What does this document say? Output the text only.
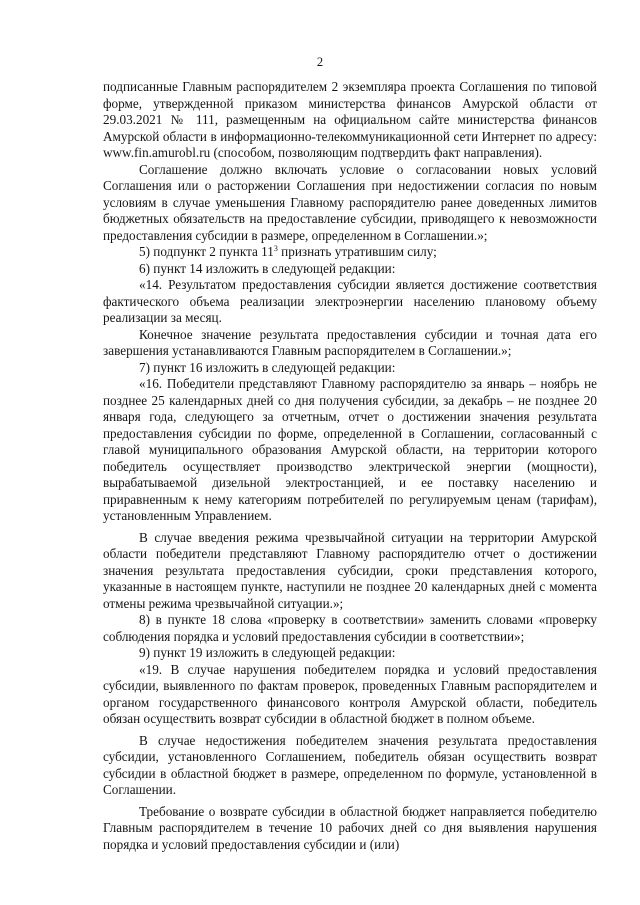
2

подписанные Главным распорядителем 2 экземпляра проекта Соглашения по типовой форме, утвержденной приказом министерства финансов Амурской области от 29.03.2021 № 111, размещенным на официальном сайте министерства финансов Амурской области в информационно-телекоммуникационной сети Интернет по адресу: www.fin.amurobl.ru (способом, позволяющим подтвердить факт направления).

Соглашение должно включать условие о согласовании новых условий Соглашения или о расторжении Соглашения при недостижении согласия по новым условиям в случае уменьшения Главному распорядителю ранее доведенных лимитов бюджетных обязательств на предоставление субсидии, приводящего к невозможности предоставления субсидии в размере, определенном в Соглашении.»;

5) подпункт 2 пункта $11^3$ признать утратившим силу;

6) пункт 14 изложить в следующей редакции:

«14. Результатом предоставления субсидии является достижение соответствия фактического объема реализации электроэнергии населению плановому объему реализации за месяц.

Конечное значение результата предоставления субсидии и точная дата его завершения устанавливаются Главным распорядителем в Соглашении.»;

7) пункт 16 изложить в следующей редакции:

«16. Победители представляют Главному распорядителю за январь – ноябрь не позднее 25 календарных дней со дня получения субсидии, за декабрь – не позднее 20 января года, следующего за отчетным, отчет о достижении значения результата предоставления субсидии по форме, определенной в Соглашении, согласованный с главой муниципального образования Амурской области, на территории которого победитель осуществляет производство электрической энергии (мощности), вырабатываемой дизельной электростанцией, и ее поставку населению и приравненным к нему категориям потребителей по регулируемым ценам (тарифам), установленным Управлением.

В случае введения режима чрезвычайной ситуации на территории Амурской области победители представляют Главному распорядителю отчет о достижении значения результата предоставления субсидии, сроки представления которого, указанные в настоящем пункте, наступили не позднее 20 календарных дней с момента отмены режима чрезвычайной ситуации.»;

8) в пункте 18 слова «проверку в соответствии» заменить словами «проверку соблюдения порядка и условий предоставления субсидии в соответствии»;

9) пункт 19 изложить в следующей редакции:

«19. В случае нарушения победителем порядка и условий предоставления субсидии, выявленного по фактам проверок, проведенных Главным распорядителем и органом государственного финансового контроля Амурской области, победитель обязан осуществить возврат субсидии в областной бюджет в полном объеме.

В случае недостижения победителем значения результата предоставления субсидии, установленного Соглашением, победитель обязан осуществить возврат субсидии в областной бюджет в размере, определенном по формуле, установленной в Соглашении.

Требование о возврате субсидии в областной бюджет направляется победителю Главным распорядителем в течение 10 рабочих дней со дня выявления нарушения порядка и условий предоставления субсидии и (или)
